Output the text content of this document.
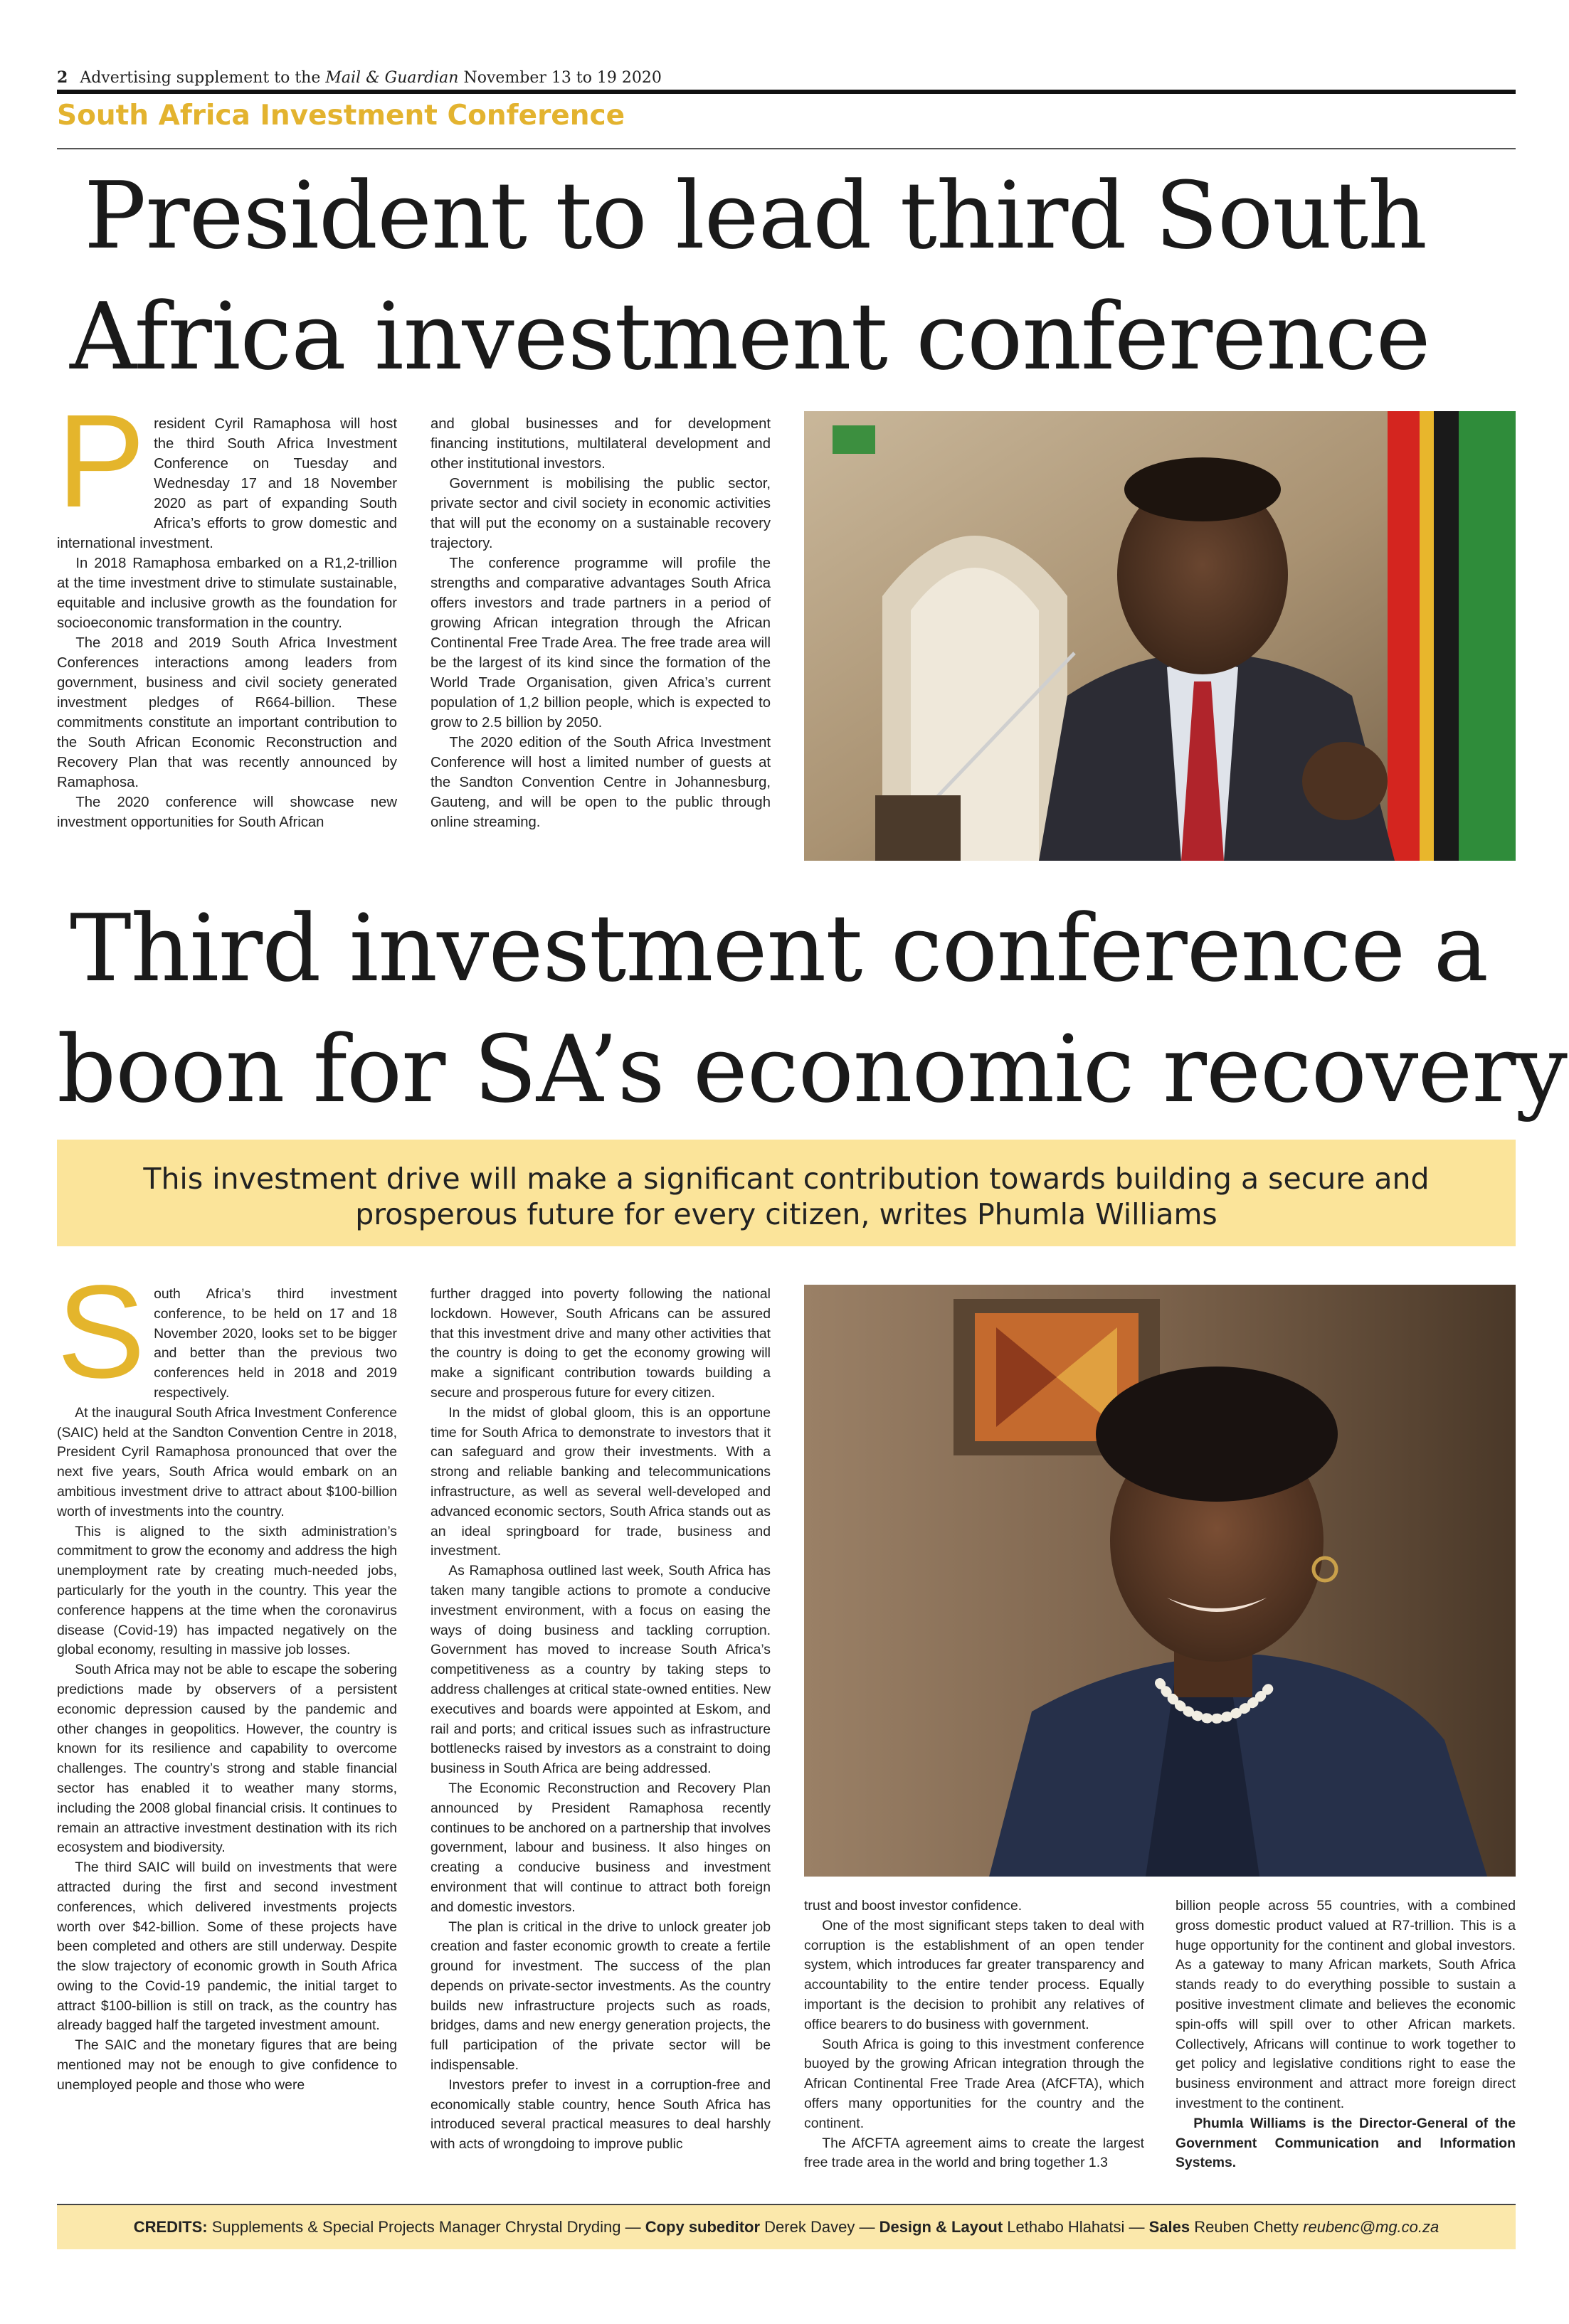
2 Advertising supplement to the Mail & Guardian November 13 to 19 2020
South Africa Investment Conference
President to lead third South
Africa investment conference
P resident Cyril Ramaphosa will host the third South Africa Investment Conference on Tuesday and Wednesday 17 and 18 November 2020 as part of expanding South Africa’s efforts to grow domestic and international investment.

In 2018 Ramaphosa embarked on a R1,2-trillion at the time investment drive to stimulate sustainable, equitable and inclusive growth as the foundation for socioeconomic transformation in the country.

The 2018 and 2019 South Africa Investment Conferences interactions among leaders from government, business and civil society generated investment pledges of R664-billion. These commitments constitute an important contribution to the South African Economic Reconstruction and Recovery Plan that was recently announced by Ramaphosa.

The 2020 conference will showcase new investment opportunities for South African

and global businesses and for development financing institutions, multilateral development and other institutional investors.

Government is mobilising the public sector, private sector and civil society in economic activities that will put the economy on a sustainable recovery trajectory.

The conference programme will profile the strengths and comparative advantages South Africa offers investors and trade partners in a period of growing African integration through the African Continental Free Trade Area. The free trade area will be the largest of its kind since the formation of the World Trade Organisation, given Africa’s current population of 1,2 billion people, which is expected to grow to 2.5 billion by 2050.

The 2020 edition of the South Africa Investment Conference will host a limited number of guests at the Sandton Convention Centre in Johannesburg, Gauteng, and will be open to the public through online streaming.

Third investment conference a
boon for SA’s economic recovery
This investment drive will make a significant contribution towards building a secure and
prosperous future for every citizen, writes Phumla Williams
S outh Africa’s third investment conference, to be held on 17 and 18 November 2020, looks set to be bigger and better than the previous two conferences held in 2018 and 2019 respectively.

At the inaugural South Africa Investment Conference (SAIC) held at the Sandton Convention Centre in 2018, President Cyril Ramaphosa pronounced that over the next five years, South Africa would embark on an ambitious investment drive to attract about $100-billion worth of investments into the country.

This is aligned to the sixth administration’s commitment to grow the economy and address the high unemployment rate by creating much-needed jobs, particularly for the youth in the country. This year the conference happens at the time when the coronavirus disease (Covid-19) has impacted negatively on the global economy, resulting in massive job losses.

South Africa may not be able to escape the sobering predictions made by observers of a persistent economic depression caused by the pandemic and other changes in geopolitics. However, the country is known for its resilience and capability to overcome challenges. The country’s strong and stable financial sector has enabled it to weather many storms, including the 2008 global financial crisis. It continues to remain an attractive investment destination with its rich ecosystem and biodiversity.

The third SAIC will build on investments that were attracted during the first and second investment conferences, which delivered investments projects worth over $42-billion. Some of these projects have been completed and others are still underway. Despite the slow trajectory of economic growth in South Africa owing to the Covid-19 pandemic, the initial target to attract $100-billion is still on track, as the country has already bagged half the targeted investment amount.

The SAIC and the monetary figures that are being mentioned may not be enough to give confidence to unemployed people and those who were

further dragged into poverty following the national lockdown. However, South Africans can be assured that this investment drive and many other activities that the country is doing to get the economy growing will make a significant contribution towards building a secure and prosperous future for every citizen.

In the midst of global gloom, this is an opportune time for South Africa to demonstrate to investors that it can safeguard and grow their investments. With a strong and reliable banking and telecommunications infrastructure, as well as several well-developed and advanced economic sectors, South Africa stands out as an ideal springboard for trade, business and investment.

As Ramaphosa outlined last week, South Africa has taken many tangible actions to promote a conducive investment environment, with a focus on easing the ways of doing business and tackling corruption. Government has moved to increase South Africa’s competitiveness as a country by taking steps to address challenges at critical state-owned entities. New executives and boards were appointed at Eskom, and rail and ports; and critical issues such as infrastructure bottlenecks raised by investors as a constraint to doing business in South Africa are being addressed.

The Economic Reconstruction and Recovery Plan announced by President Ramaphosa recently continues to be anchored on a partnership that involves government, labour and business. It also hinges on creating a conducive business and investment environment that will continue to attract both foreign and domestic investors.

The plan is critical in the drive to unlock greater job creation and faster economic growth to create a fertile ground for investment. The success of the plan depends on private-sector investments. As the country builds new infrastructure projects such as roads, bridges, dams and new energy generation projects, the full participation of the private sector will be indispensable.

Investors prefer to invest in a corruption-free and economically stable country, hence South Africa has introduced several practical measures to deal harshly with acts of wrongdoing to improve public

trust and boost investor confidence.

One of the most significant steps taken to deal with corruption is the establishment of an open tender system, which introduces far greater transparency and accountability to the entire tender process. Equally important is the decision to prohibit any relatives of office bearers to do business with government.

South Africa is going to this investment conference buoyed by the growing African integration through the African Continental Free Trade Area (AfCFTA), which offers many opportunities for the country and the continent.

The AfCFTA agreement aims to create the largest free trade area in the world and bring together 1.3

billion people across 55 countries, with a combined gross domestic product valued at R7-trillion. This is a huge opportunity for the continent and global investors. As a gateway to many African markets, South Africa stands ready to do everything possible to sustain a positive investment climate and believes the economic spin-offs will spill over to other African markets. Collectively, Africans will continue to work together to get policy and legislative conditions right to ease the business environment and attract more foreign direct investment to the continent.

Phumla Williams is the Director-General of the Government Communication and Information Systems.

CREDITS: Supplements & Special Projects Manager Chrystal Dryding — Copy subeditor Derek Davey — Design & Layout Lethabo Hlahatsi — Sales Reuben Chetty reubenc@mg.co.za
